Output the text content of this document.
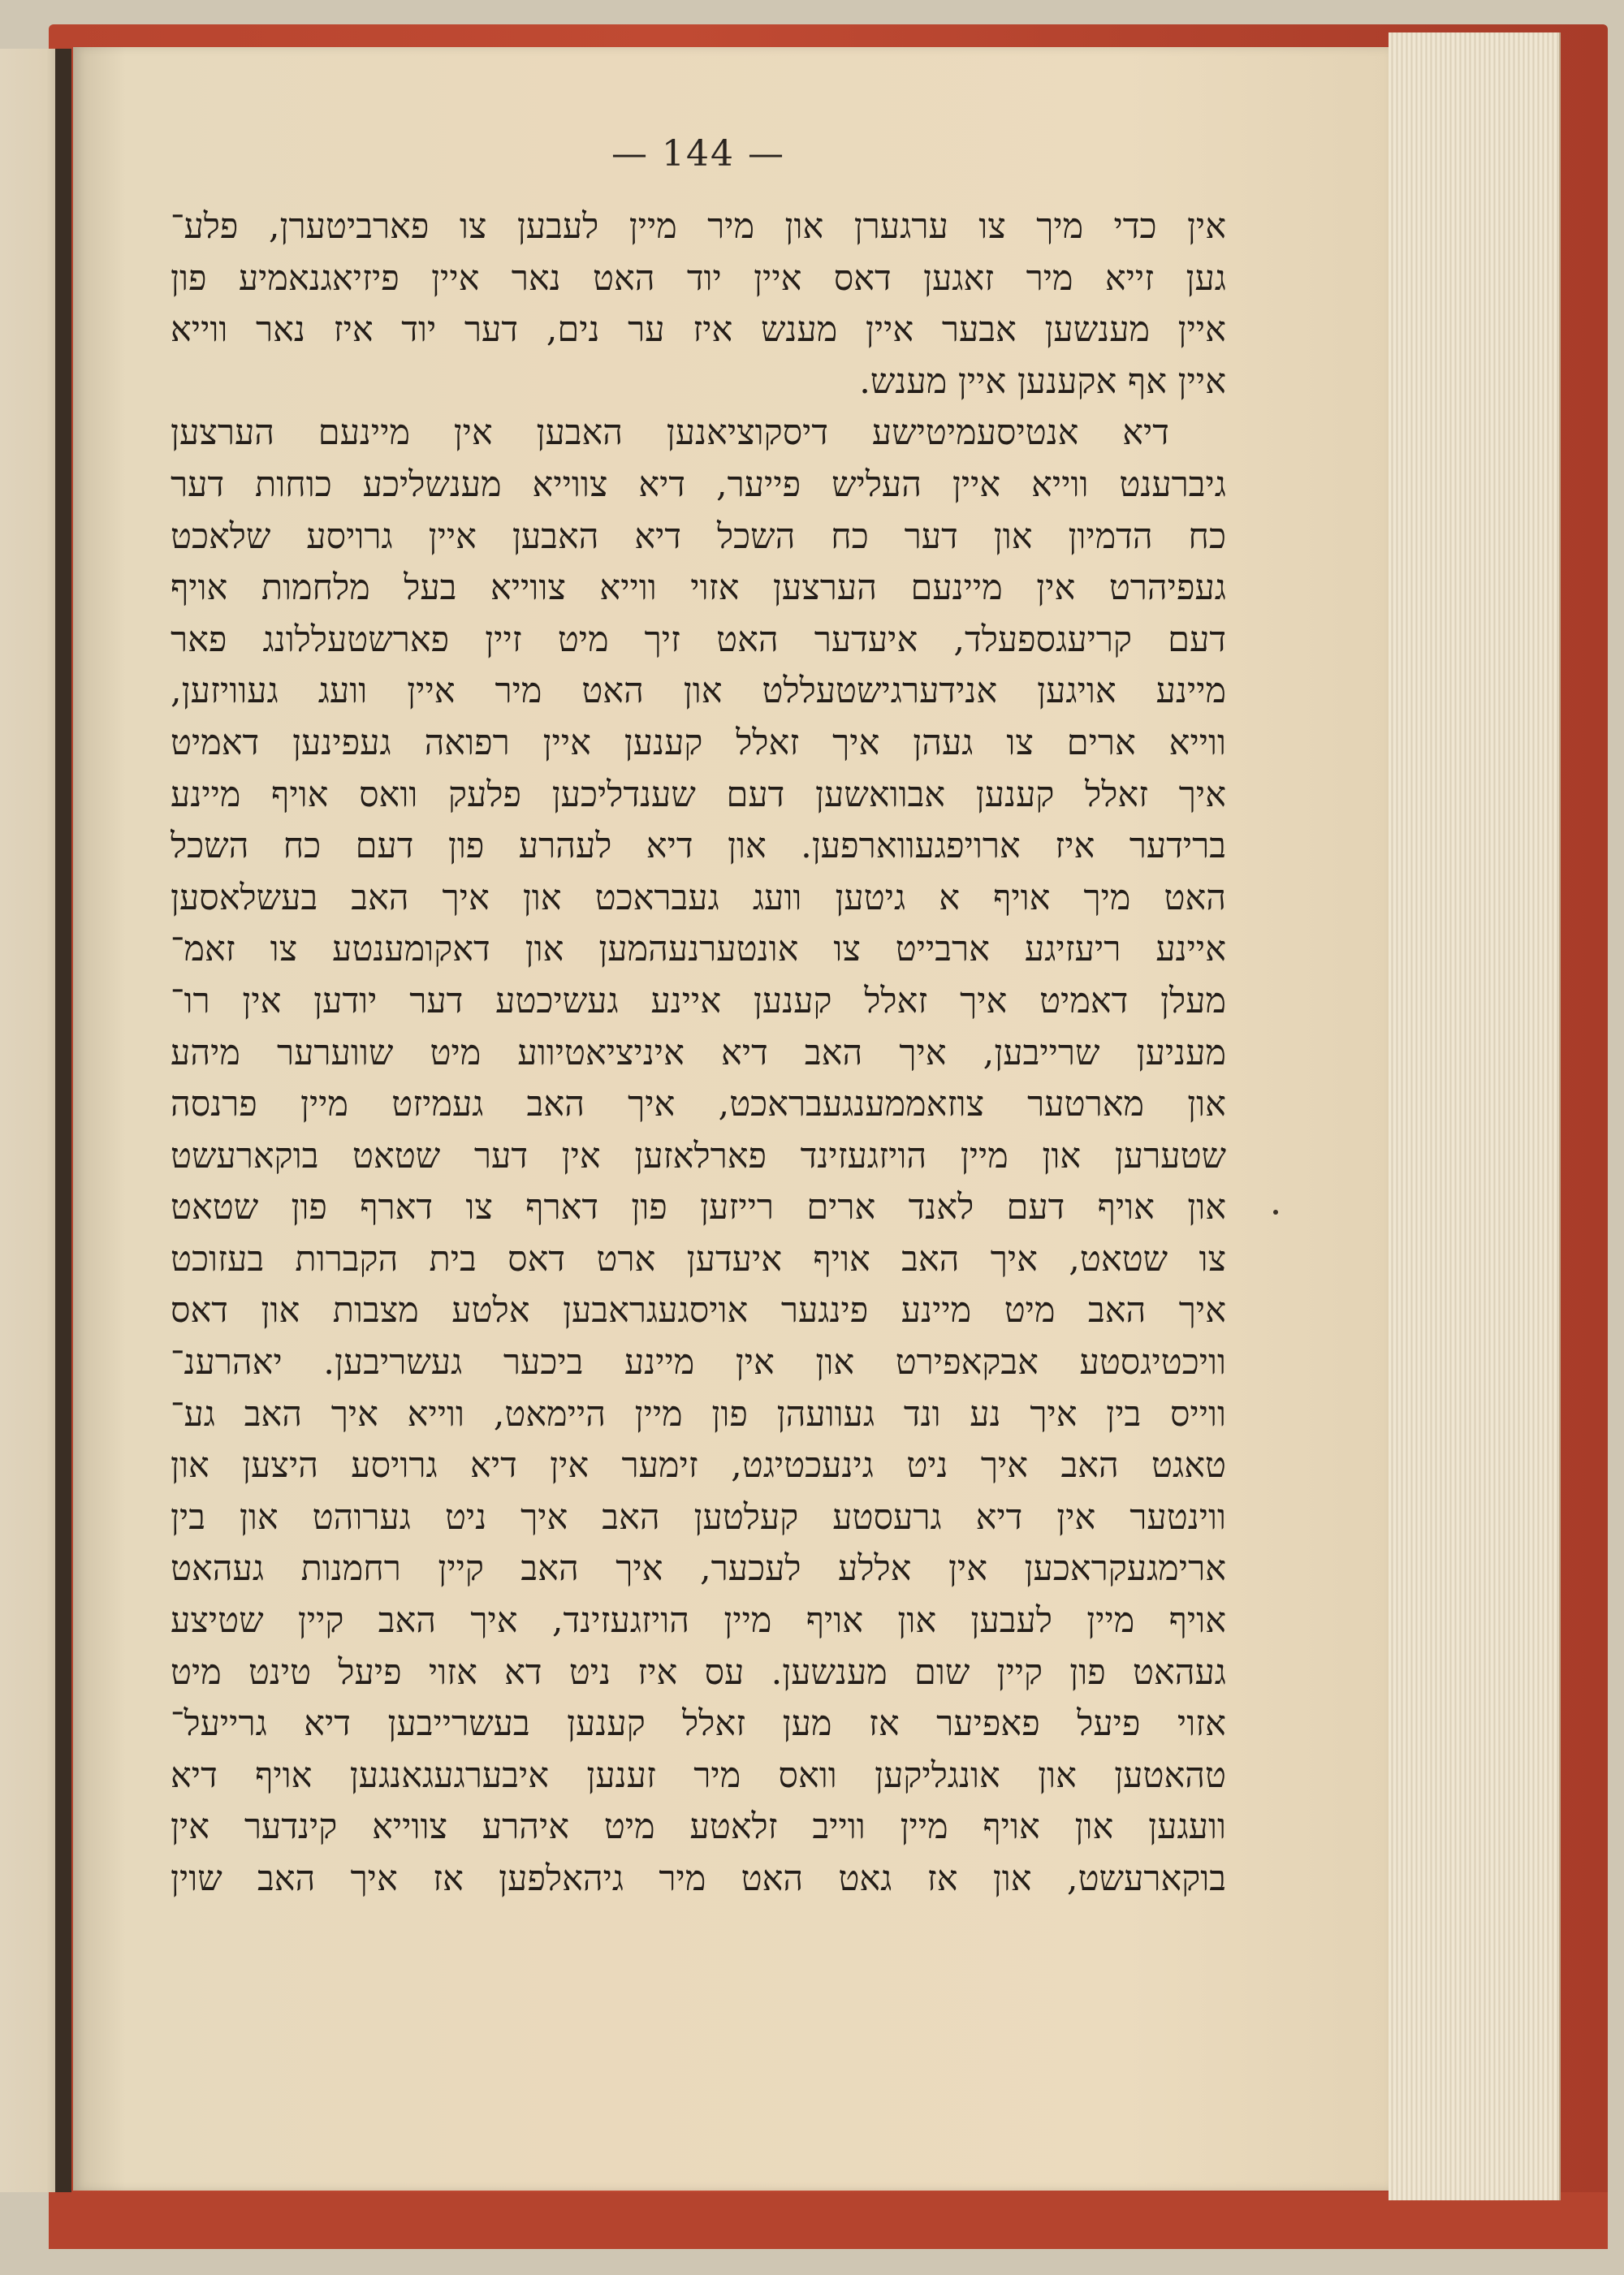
— 144 —
אין כדי מיך צו ערגערן און מיר מיין לעבען צו פארביטערן, פלע־
גען זייא מיר זאגען דאס איין יוד האט נאר איין פיזיאגנאמיע פון
איין מענשען אבער איין מענש איז ער נים, דער יוד איז נאר ווייא
איין אף אקענען איין מענש.
דיא אנטיסעמיטישע דיסקוציאנען האבען אין מיינעם הערצען
גיברענט ווייא איין העליש פייער, דיא צווייא מענשליכע כוחות דער
כח הדמיון און דער כח השכל דיא האבען איין גרויסע שלאכט
געפיהרט אין מיינעם הערצען אזוי ווייא צווייא בעל מלחמות אויף
דעם קריעגספעלד, איעדער האט זיך מיט זיין פארשטעללונג פאר
מיינע אויגען אנידערגישטעללט און האט מיר איין וועג געוויזען,
ווייא ארים צו געהן איך זאלל קענען איין רפואה געפינען דאמיט
איך זאלל קענען אבוואשען דעם שענדליכען פלעק וואס אויף מיינע
ברידער איז ארויפגעווארפען. און דיא לעהרע פון דעם כח השכל
האט מיך אויף א גיטען וועג געבראכט און איך האב בעשלאסען
איינע ריעזיגע ארבייט צו אונטערנעהמען און דאקומענטע צו זאמ־
מעלן דאמיט איך זאלל קענען איינע געשיכטע דער יודען אין רו־
מעניען שרייבען, איך האב דיא איניציאטיווע מיט שווערער מיהע
און מארטער צוזאממענגעבראכט, איך האב געמיזט מיין פרנסה
שטערען און מיין הויזגעזינד פארלאזען אין דער שטאט בוקארעשט
און אויף דעם לאנד ארים רייזען פון דארף צו דארף פון שטאט
צו שטאט, איך האב אויף איעדען ארט דאס בית הקברות בעזוכט
איך האב מיט מיינע פינגער אויסגעגראבען אלטע מצבות און דאס
וויכטיגסטע אבקאפירט און אין מיינע ביכער געשריבען. יאהרענ־
ווייס בין איך נע ונד געוועהן פון מיין היימאט, ווייא איך האב גע־
טאגט האב איך ניט גינעכטיגט, זימער אין דיא גרויסע היצען און
ווינטער אין דיא גרעסטע קעלטען האב איך ניט גערוהט און בין
ארימגעקראכען אין אללע לעכער, איך האב קיין רחמנות געהאט
אויף מיין לעבען און אויף מיין הויזגעזינד, איך האב קיין שטיצע
געהאט פון קיין שום מענשען. עס איז ניט דא אזוי פיעל טינט מיט
אזוי פיעל פאפיער אז מען זאלל קענען בעשרייבען דיא גרייעל־
טהאטען און אונגליקען וואס מיר זענען איבערגעגאנגען אויף דיא
וועגען און אויף מיין ווייב זלאטע מיט איהרע צווייא קינדער אין
בוקארעשט, און אז גאט האט מיר גיהאלפען אז איך האב שוין
